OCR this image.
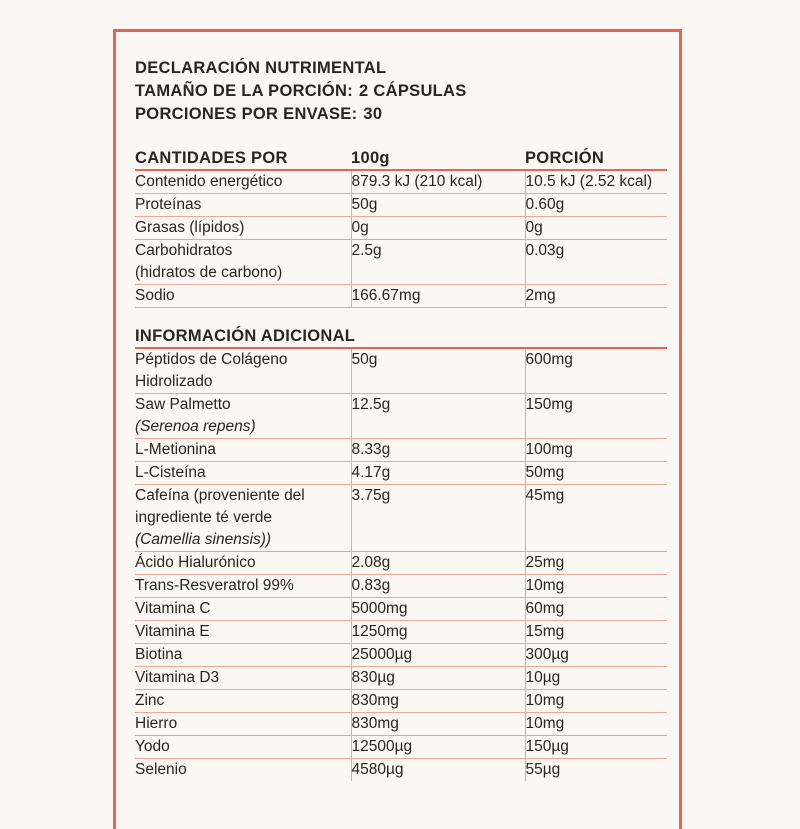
DECLARACIÓN NUTRIMENTAL
TAMAÑO DE LA PORCIÓN: 2 CÁPSULAS
PORCIONES POR ENVASE: 30
CANTIDADES POR	100g	PORCIÓN

Contenido energético	879.3 kJ (210 kcal)	10.5 kJ (2.52 kcal)

Proteínas	50g	0.60g

Grasas (lípidos)	0g	0g

Carbohidratos
(hidratos de carbono)	2.5g	0.03g

Sodio	166.67mg	2mg

INFORMACIÓN ADICIONAL		

Péptidos de Colágeno
Hidrolizado	50g	600mg

Saw Palmetto
(Serenoa repens)	12.5g	150mg

L-Metionina	8.33g	100mg

L-Cisteína	4.17g	50mg

Cafeína (proveniente del
ingrediente té verde
(Camellia sinensis))	3.75g	45mg

Ácido Hialurónico	2.08g	25mg

Trans-Resveratrol 99%	0.83g	10mg

Vitamina C	5000mg	60mg

Vitamina E	1250mg	15mg

Biotina	25000µg	300µg

Vitamina D3	830µg	10µg

Zinc	830mg	10mg

Hierro	830mg	10mg

Yodo	12500µg	150µg

Selenio	4580µg	55µg
